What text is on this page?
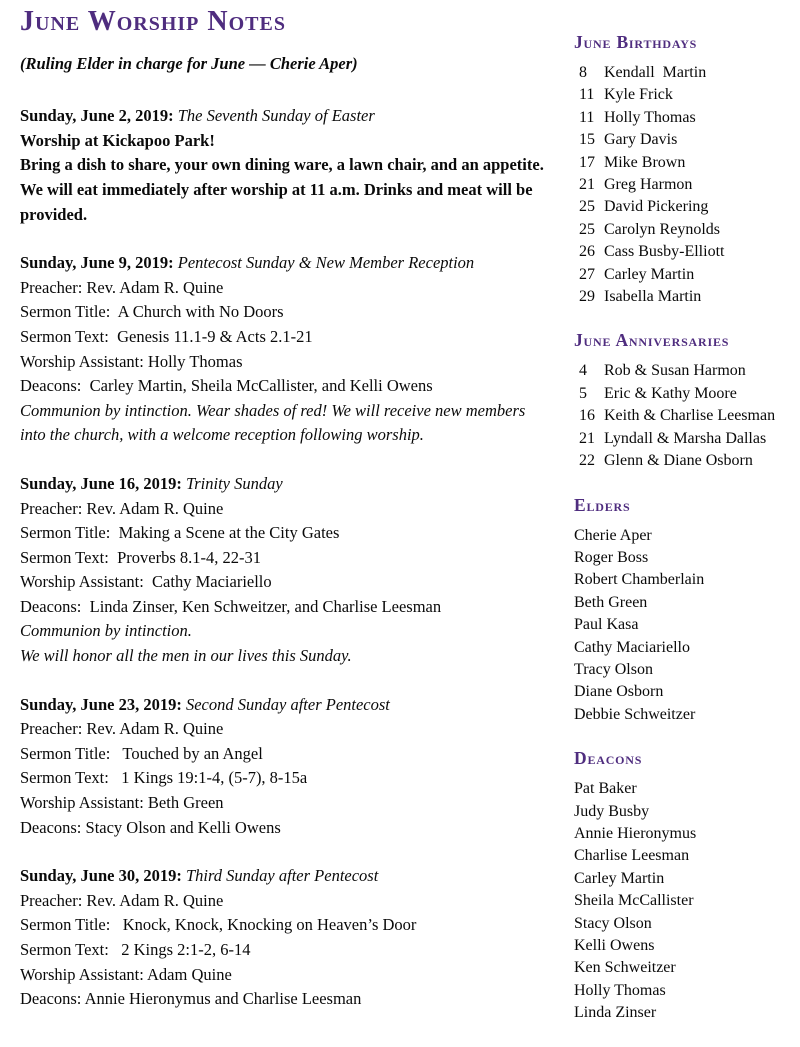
June Worship Notes

(Ruling Elder in charge for June — Cherie Aper)

Sunday, June 2, 2019: The Seventh Sunday of Easter

Worship at Kickapoo Park!

Bring a dish to share, your own dining ware, a lawn chair, and an appetite. We will eat immediately after worship at 11 a.m. Drinks and meat will be provided.

Sunday, June 9, 2019: Pentecost Sunday & New Member Reception

Preacher: Rev. Adam R. Quine

Sermon Title:  A Church with No Doors

Sermon Text:  Genesis 11.1-9 & Acts 2.1-21

Worship Assistant: Holly Thomas

Deacons:  Carley Martin, Sheila McCallister, and Kelli Owens

Communion by intinction. Wear shades of red! We will receive new members into the church, with a welcome reception following worship.

Sunday, June 16, 2019: Trinity Sunday

Preacher: Rev. Adam R. Quine

Sermon Title:  Making a Scene at the City Gates

Sermon Text:  Proverbs 8.1-4, 22-31

Worship Assistant:  Cathy Maciariello

Deacons:  Linda Zinser, Ken Schweitzer, and Charlise Leesman

Communion by intinction.

We will honor all the men in our lives this Sunday.

Sunday, June 23, 2019: Second Sunday after Pentecost

Preacher: Rev. Adam R. Quine

Sermon Title:   Touched by an Angel

Sermon Text:   1 Kings 19:1-4, (5-7), 8-15a

Worship Assistant: Beth Green

Deacons: Stacy Olson and Kelli Owens

Sunday, June 30, 2019: Third Sunday after Pentecost

Preacher: Rev. Adam R. Quine

Sermon Title:   Knock, Knock, Knocking on Heaven’s Door

Sermon Text:   2 Kings 2:1-2, 6-14

Worship Assistant: Adam Quine

Deacons: Annie Hieronymus and Charlise Leesman

June Birthdays
8	Kendall  Martin
11 Kyle Frick
11 Holly Thomas
15 Gary Davis
17 Mike Brown
21 Greg Harmon
25 David Pickering
25 Carolyn Reynolds
26 Cass Busby-Elliott
27 Carley Martin
29 Isabella Martin
June Anniversaries
4	Rob & Susan Harmon
5	Eric & Kathy Moore
16 Keith & Charlise Leesman
21 Lyndall & Marsha Dallas
22 Glenn & Diane Osborn
Elders

Cherie Aper

Roger Boss

Robert Chamberlain

Beth Green

Paul Kasa

Cathy Maciariello

Tracy Olson

Diane Osborn

Debbie Schweitzer

Deacons

Pat Baker

Judy Busby

Annie Hieronymus

Charlise Leesman

Carley Martin

Sheila McCallister

Stacy Olson

Kelli Owens

Ken Schweitzer

Holly Thomas

Linda Zinser
